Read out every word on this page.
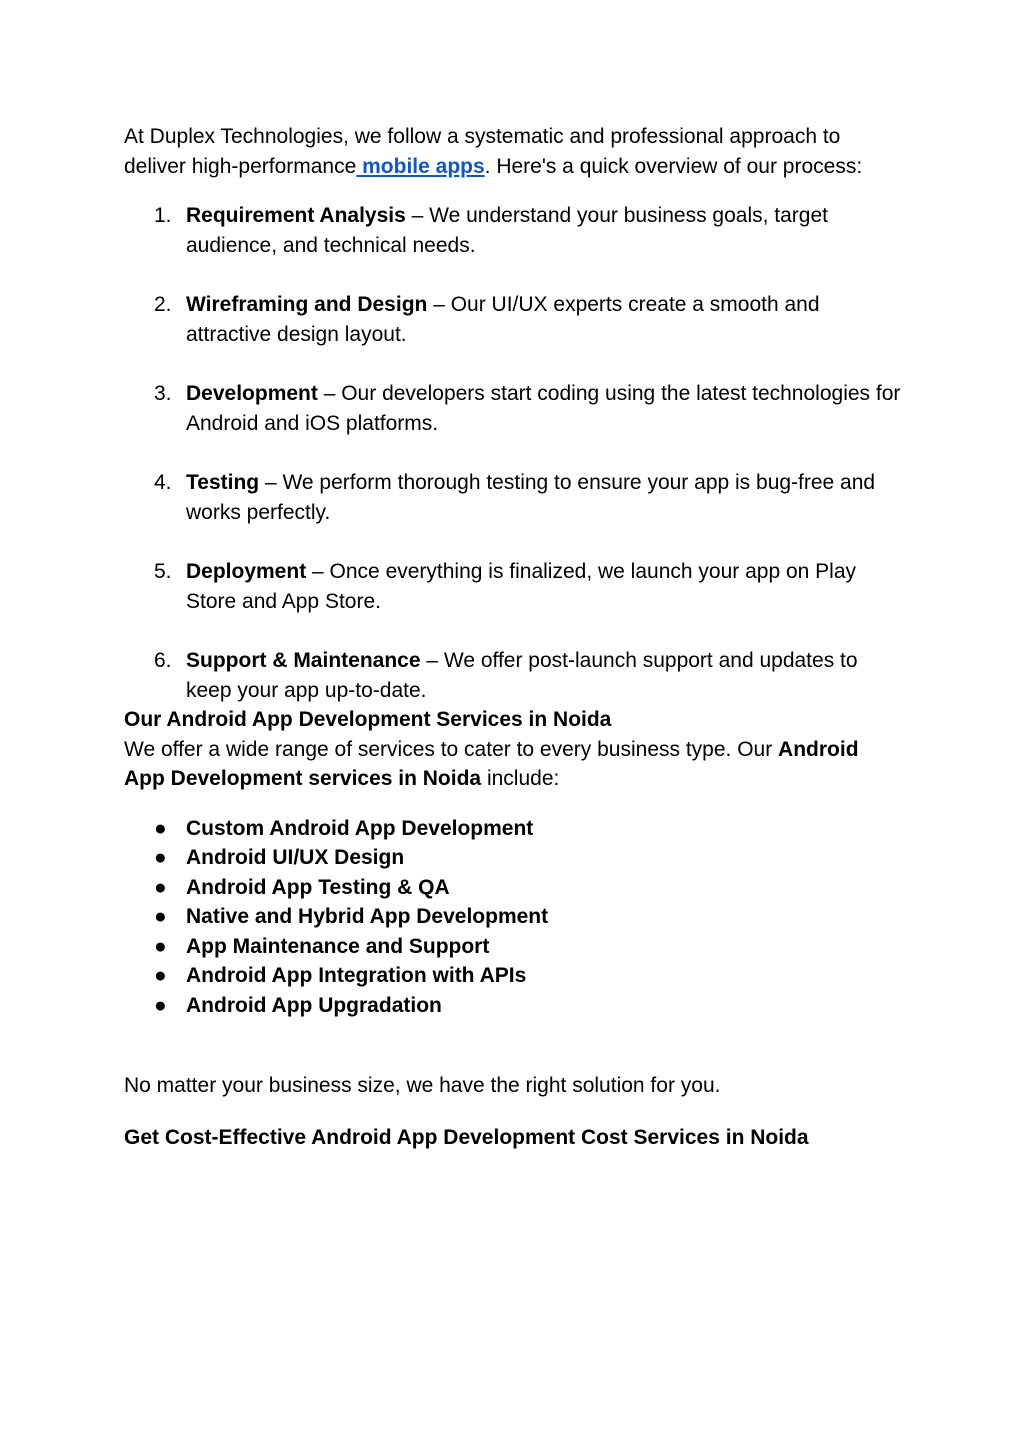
At Duplex Technologies, we follow a systematic and professional approach to deliver high-performance mobile apps. Here's a quick overview of our process:

1. Requirement Analysis – We understand your business goals, target audience, and technical needs.
2. Wireframing and Design – Our UI/UX experts create a smooth and attractive design layout.
3. Development – Our developers start coding using the latest technologies for Android and iOS platforms.
4. Testing – We perform thorough testing to ensure your app is bug-free and works perfectly.
5. Deployment – Once everything is finalized, we launch your app on Play Store and App Store.
6. Support & Maintenance – We offer post-launch support and updates to keep your app up-to-date.
Our Android App Development Services in Noida

We offer a wide range of services to cater to every business type. Our Android App Development services in Noida include:

● Custom Android App Development
● Android UI/UX Design
● Android App Testing & QA
● Native and Hybrid App Development
● App Maintenance and Support
● Android App Integration with APIs
● Android App Upgradation

No matter your business size, we have the right solution for you.

Get Cost-Effective Android App Development Cost Services in Noida
